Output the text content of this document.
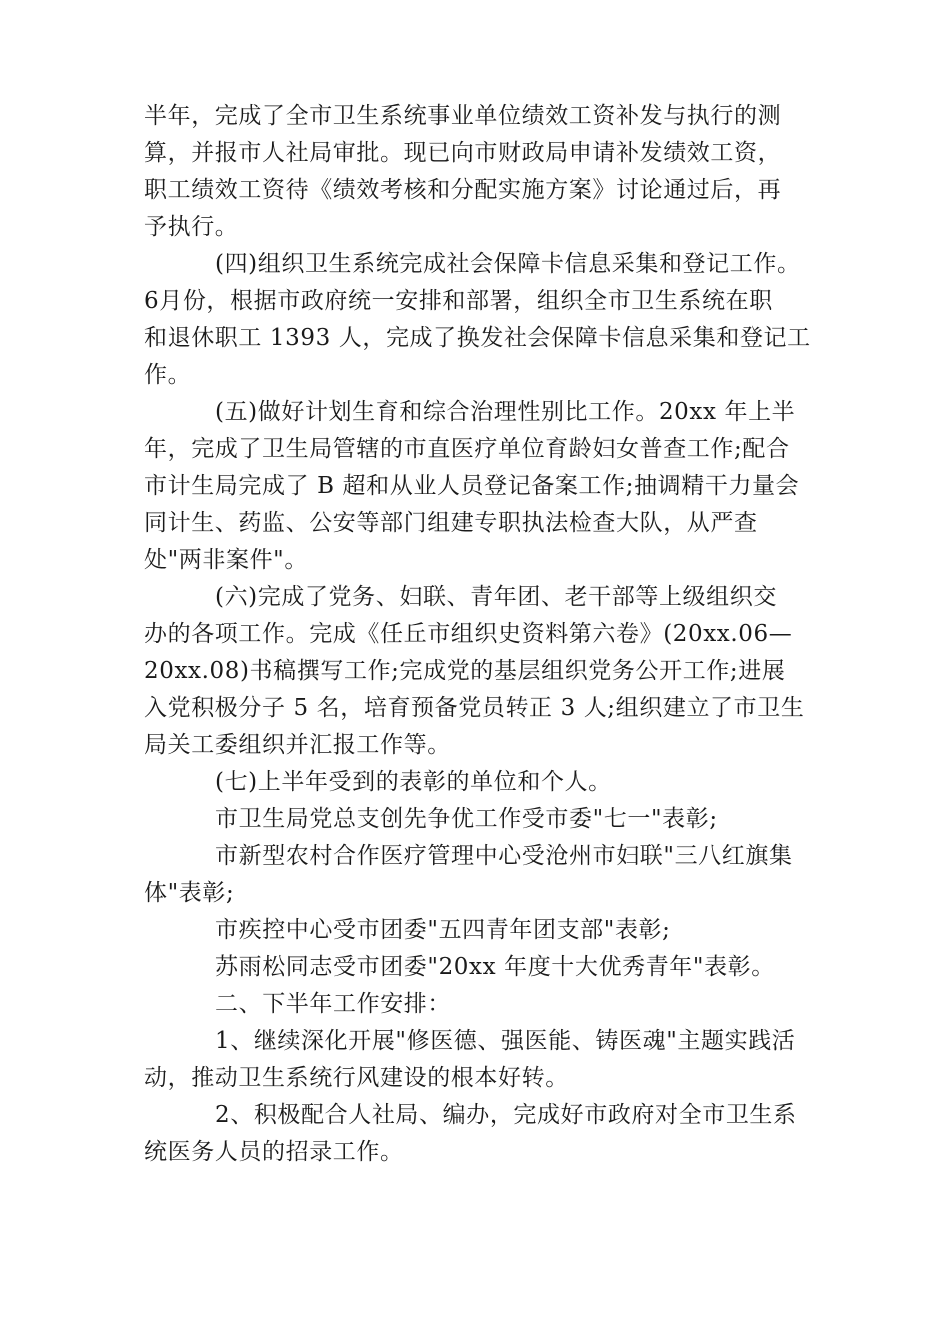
半年，完成了全市卫生系统事业单位绩效工资补发与执行的测
算，并报市人社局审批。现已向市财政局申请补发绩效工资，
职工绩效工资待《绩效考核和分配实施方案》讨论通过后，再
予执行。
(四)组织卫生系统完成社会保障卡信息采集和登记工作。
6月份，根据市政府统一安排和部署，组织全市卫生系统在职
和退休职工 1393 人，完成了换发社会保障卡信息采集和登记工
作。
(五)做好计划生育和综合治理性别比工作。20xx 年上半
年，完成了卫生局管辖的市直医疗单位育龄妇女普查工作;配合
市计生局完成了 B 超和从业人员登记备案工作;抽调精干力量会
同计生、药监、公安等部门组建专职执法检查大队，从严查
处"两非案件"。
(六)完成了党务、妇联、青年团、老干部等上级组织交
办的各项工作。完成《任丘市组织史资料第六卷》(20xx.06—
20xx.08)书稿撰写工作;完成党的基层组织党务公开工作;进展
入党积极分子 5 名，培育预备党员转正 3 人;组织建立了市卫生
局关工委组织并汇报工作等。
(七)上半年受到的表彰的单位和个人。
市卫生局党总支创先争优工作受市委"七一"表彰;
市新型农村合作医疗管理中心受沧州市妇联"三八红旗集
体"表彰;
市疾控中心受市团委"五四青年团支部"表彰;
苏雨松同志受市团委"20xx 年度十大优秀青年"表彰。
二、下半年工作安排：
1、继续深化开展"修医德、强医能、铸医魂"主题实践活
动，推动卫生系统行风建设的根本好转。
2、积极配合人社局、编办，完成好市政府对全市卫生系
统医务人员的招录工作。
